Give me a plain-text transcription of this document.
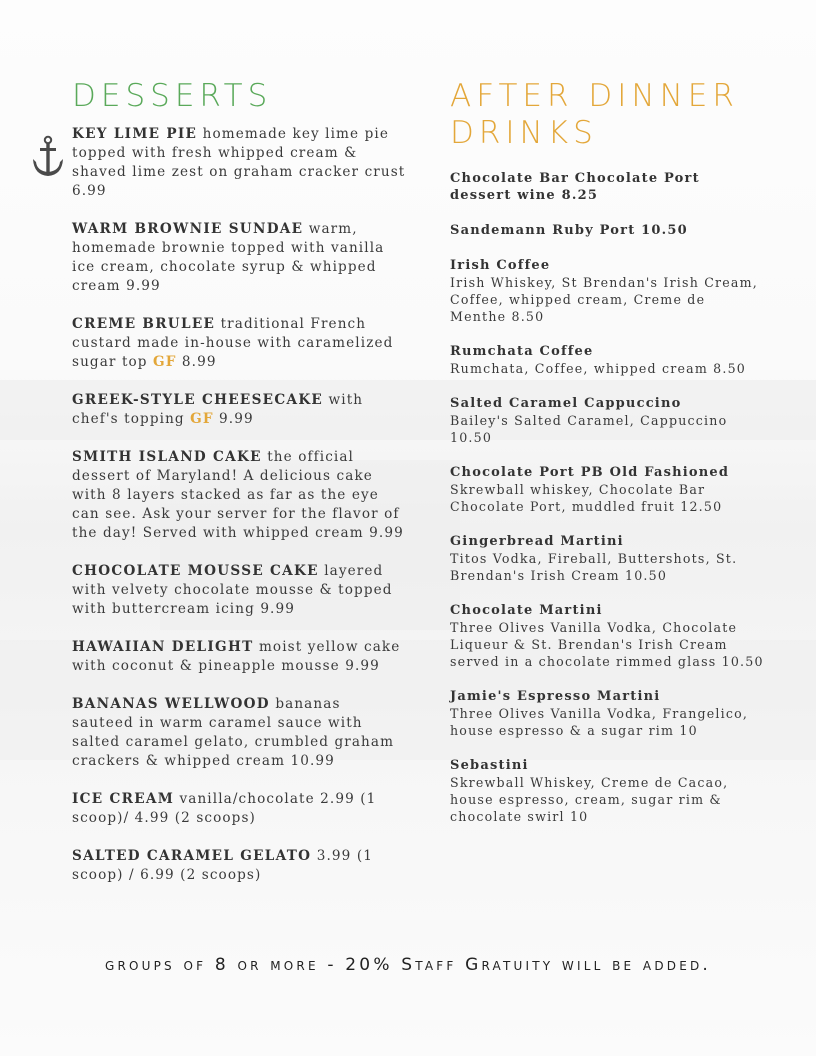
DESSERTS
KEY LIME PIE homemade key lime pie topped with fresh whipped cream & shaved lime zest on graham cracker crust 6.99
WARM BROWNIE SUNDAE warm, homemade brownie topped with vanilla ice cream, chocolate syrup & whipped cream 9.99
CREME BRULEE traditional French custard made in-house with caramelized sugar top GF 8.99
GREEK-STYLE CHEESECAKE with chef's topping GF 9.99
SMITH ISLAND CAKE the official dessert of Maryland! A delicious cake with 8 layers stacked as far as the eye can see. Ask your server for the flavor of the day! Served with whipped cream 9.99
CHOCOLATE MOUSSE CAKE layered with velvety chocolate mousse & topped with buttercream icing 9.99
HAWAIIAN DELIGHT moist yellow cake with coconut & pineapple mousse 9.99
BANANAS WELLWOOD bananas sauteed in warm caramel sauce with salted caramel gelato, crumbled graham crackers & whipped cream 10.99
ICE CREAM vanilla/chocolate 2.99 (1 scoop)/ 4.99 (2 scoops)
SALTED CARAMEL GELATO 3.99 (1 scoop) / 6.99 (2 scoops)
AFTER DINNER
DRINKS
Chocolate Bar Chocolate Port dessert wine 8.25
Sandemann Ruby Port 10.50
Irish Coffee
Irish Whiskey, St Brendan's Irish Cream, Coffee, whipped cream, Creme de Menthe 8.50
Rumchata Coffee
Rumchata, Coffee, whipped cream 8.50
Salted Caramel Cappuccino
Bailey's Salted Caramel, Cappuccino 10.50
Chocolate Port PB Old Fashioned
Skrewball whiskey, Chocolate Bar Chocolate Port, muddled fruit 12.50
Gingerbread Martini
Titos Vodka, Fireball, Buttershots, St. Brendan's Irish Cream 10.50
Chocolate Martini
Three Olives Vanilla Vodka, Chocolate Liqueur & St. Brendan's Irish Cream served in a chocolate rimmed glass 10.50
Jamie's Espresso Martini
Three Olives Vanilla Vodka, Frangelico, house espresso & a sugar rim 10
Sebastini
Skrewball Whiskey, Creme de Cacao, house espresso, cream, sugar rim & chocolate swirl 10
groups of 8 or more - 20% Staff Gratuity will be added.
